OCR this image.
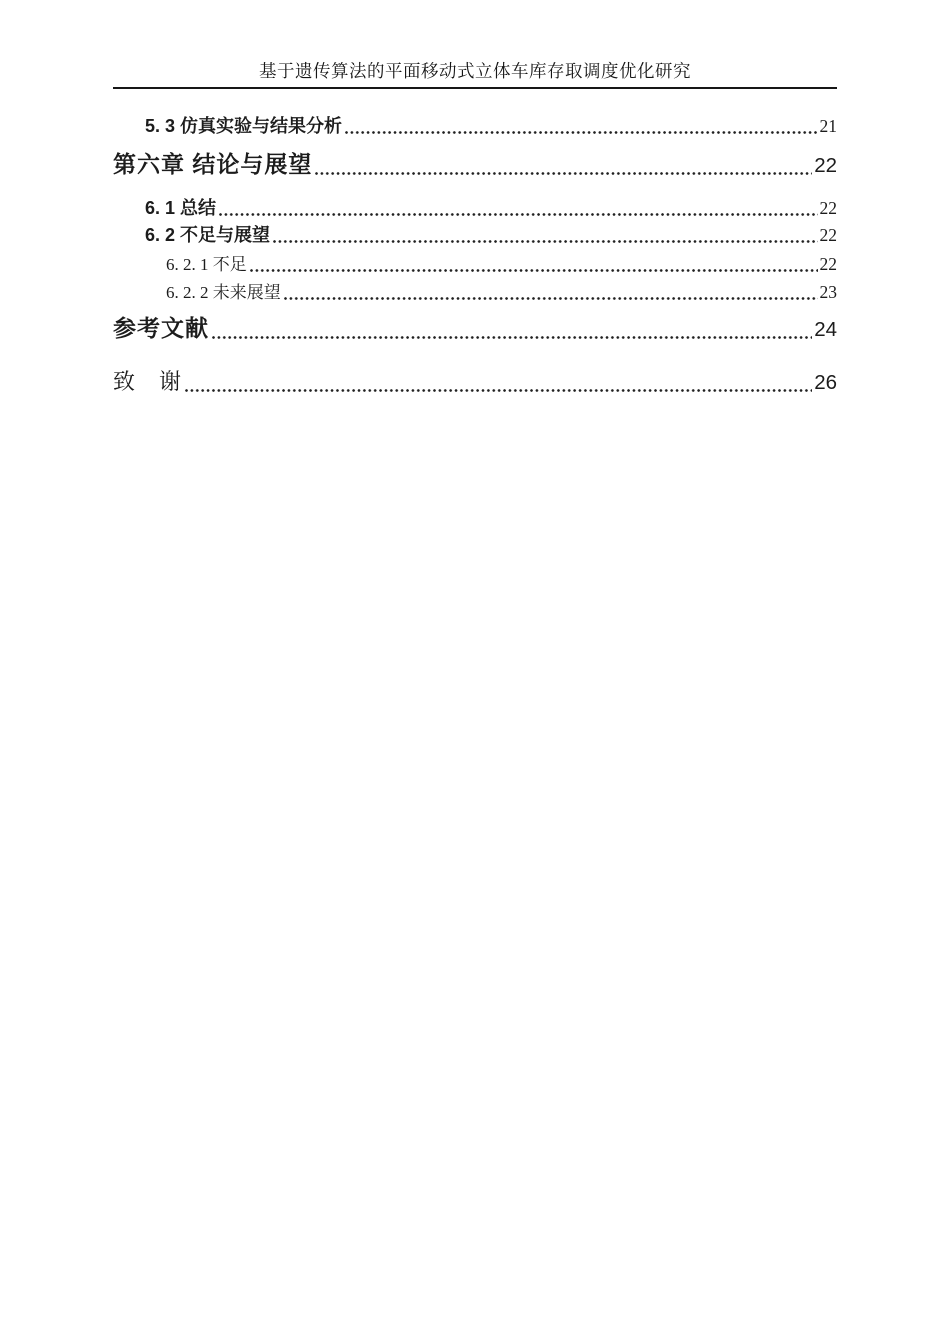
基于遗传算法的平面移动式立体车库存取调度优化研究
5. 3 仿真实验与结果分析	21
第六章 结论与展望	22
6. 1 总结	22
6. 2 不足与展望	22
6. 2. 1 不足	22
6. 2. 2 未来展望	23
参考文献	24
致　谢	26
